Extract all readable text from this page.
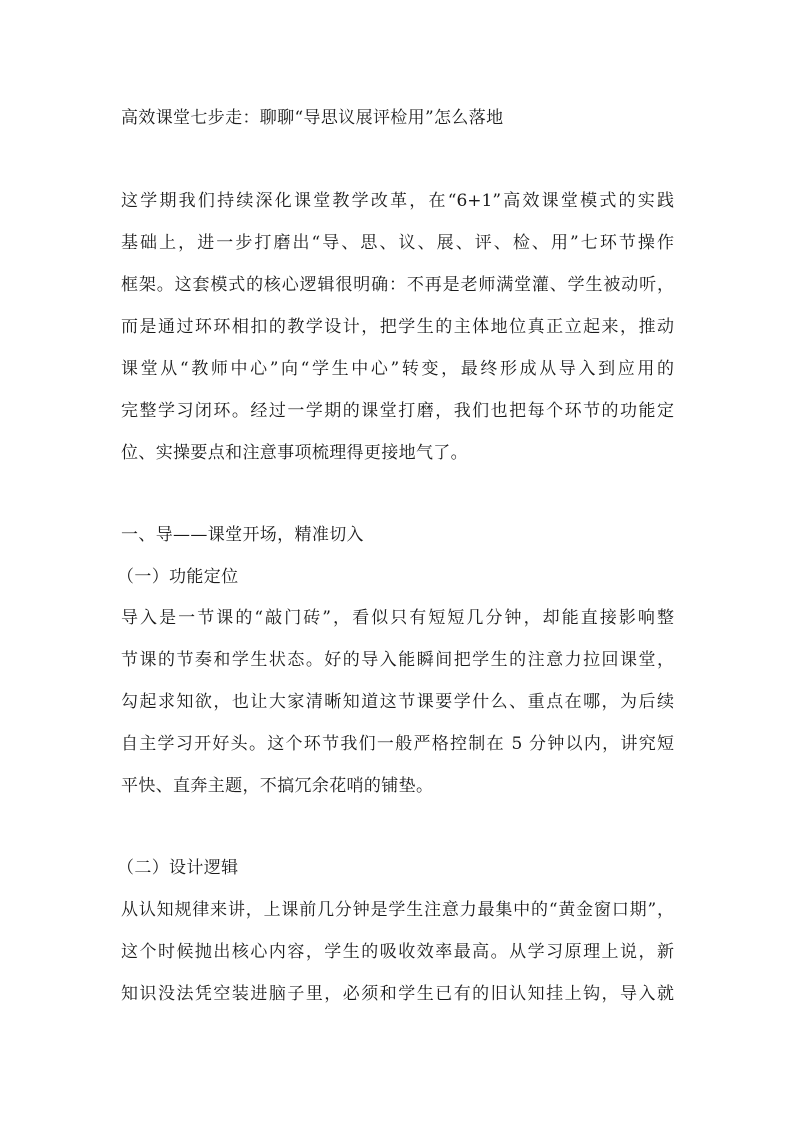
高效课堂七步走：聊聊“导思议展评检用”怎么落地
这学期我们持续深化课堂教学改革，在“6+1”高效课堂模式的实践
基础上，进一步打磨出“导、思、议、展、评、检、用”七环节操作
框架。这套模式的核心逻辑很明确：不再是老师满堂灌、学生被动听，
而是通过环环相扣的教学设计，把学生的主体地位真正立起来，推动
课堂从“教师中心”向“学生中心”转变，最终形成从导入到应用的
完整学习闭环。经过一学期的课堂打磨，我们也把每个环节的功能定
位、实操要点和注意事项梳理得更接地气了。
一、导——课堂开场，精准切入
（一）功能定位
导入是一节课的“敲门砖”，看似只有短短几分钟，却能直接影响整
节课的节奏和学生状态。好的导入能瞬间把学生的注意力拉回课堂，
勾起求知欲，也让大家清晰知道这节课要学什么、重点在哪，为后续
自主学习开好头。这个环节我们一般严格控制在 5 分钟以内，讲究短
平快、直奔主题，不搞冗余花哨的铺垫。
（二）设计逻辑
从认知规律来讲，上课前几分钟是学生注意力最集中的“黄金窗口期”，
这个时候抛出核心内容，学生的吸收效率最高。从学习原理上说，新
知识没法凭空装进脑子里，必须和学生已有的旧认知挂上钩，导入就
